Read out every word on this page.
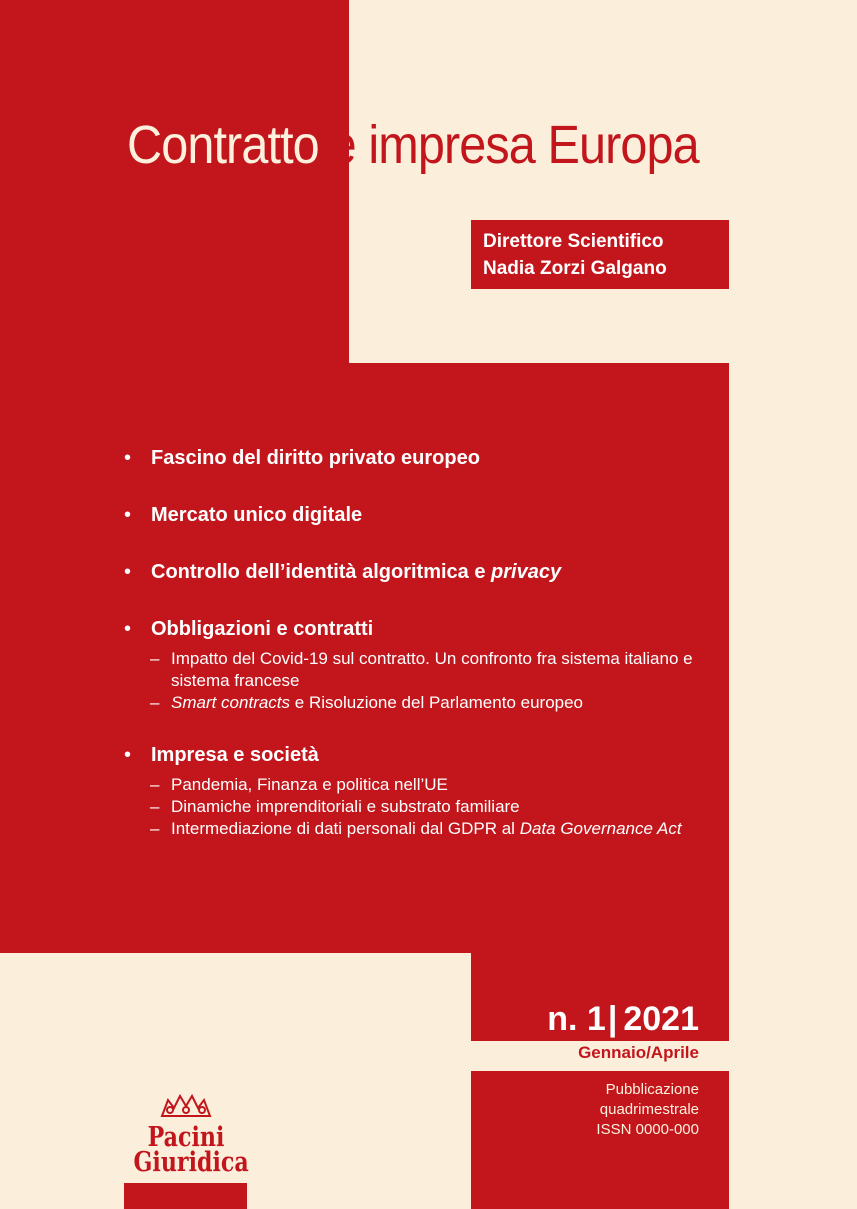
Contratto e impresa Europa
Direttore Scientifico
Nadia Zorzi Galgano
• Fascino del diritto privato europeo
• Mercato unico digitale
• Controllo dell’identità algoritmica e privacy
• Obbligazioni e contratti
– Impatto del Covid-19 sul contratto. Un confronto fra sistema italiano e sistema francese
– Smart contracts e Risoluzione del Parlamento europeo
• Impresa e società
– Pandemia, Finanza e politica nell’UE
– Dinamiche imprenditoriali e substrato familiare
– Intermediazione di dati personali dal GDPR al Data Governance Act
n. 1| 2021
Gennaio/Aprile
Pubblicazione
quadrimestrale
ISSN 0000-000
Pacini
Giuridica
